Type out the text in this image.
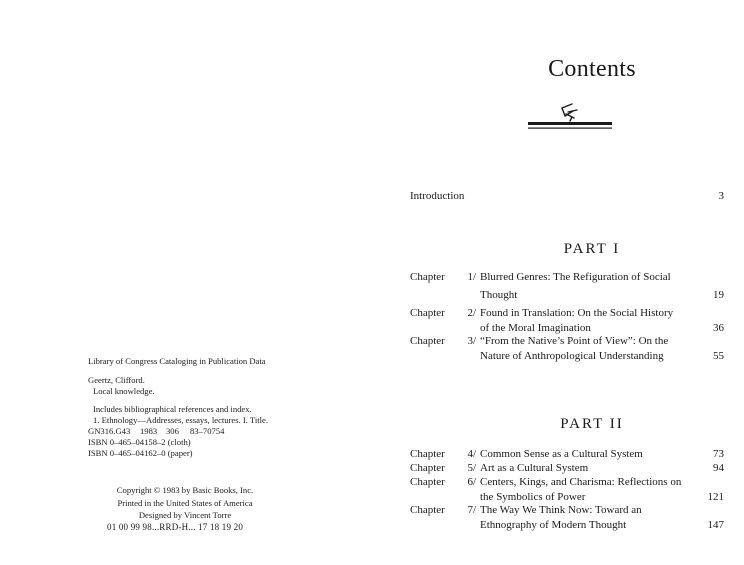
Library of Congress Cataloging in Publication Data
Geertz, Clifford.
Local knowledge.
Includes bibliographical references and index.
1. Ethnology—Addresses, essays, lectures. I. Title.
GN316.G43	1983	306	83–70754
ISBN 0–465–04158–2 (cloth)
ISBN 0–465–04162–0 (paper)
Copyright © 1983 by Basic Books, Inc.
Printed in the United States of America
Designed by Vincent Torre
01 00 99 98...RRD-H... 17 18 19 20
Contents
Introduction	3
PART I
Chapter	1/ Blurred Genres: The Refiguration of Social
Thought	19
Chapter	2/ Found in Translation: On the Social History
of the Moral Imagination	36
Chapter	3/ “From the Native’s Point of View”: On the
Nature of Anthropological Understanding	55
PART II
Chapter	4/ Common Sense as a Cultural System	73
Chapter	5/ Art as a Cultural System	94
Chapter	6/ Centers, Kings, and Charisma: Reflections on
the Symbolics of Power	121
Chapter	7/ The Way We Think Now: Toward an
Ethnography of Modern Thought	147
